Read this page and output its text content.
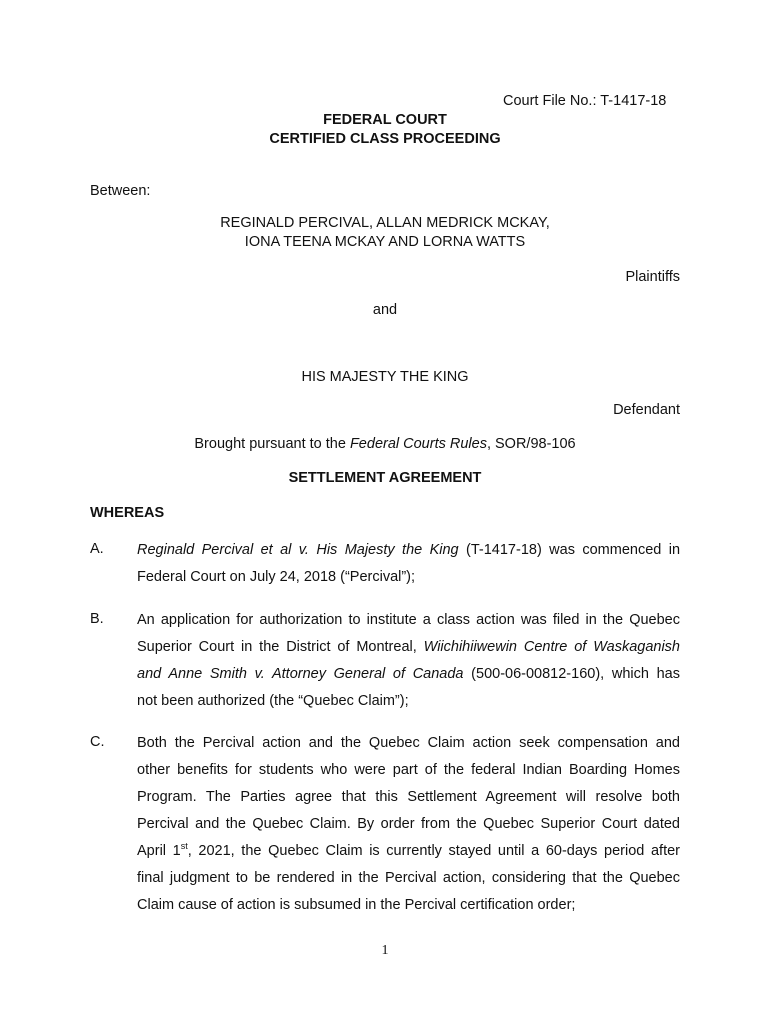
Court File No.: T-1417-18
FEDERAL COURT
CERTIFIED CLASS PROCEEDING
Between:
REGINALD PERCIVAL, ALLAN MEDRICK MCKAY,
IONA TEENA MCKAY AND LORNA WATTS
Plaintiffs
and
HIS MAJESTY THE KING
Defendant
Brought pursuant to the Federal Courts Rules, SOR/98-106
SETTLEMENT AGREEMENT
WHEREAS
A. Reginald Percival et al v. His Majesty the King (T-1417-18) was commenced in
Federal Court on July 24, 2018 (“Percival”);
B. An application for authorization to institute a class action was filed in the Quebec
Superior Court in the District of Montreal, Wiichihiiwewin Centre of Waskaganish
and Anne Smith v. Attorney General of Canada (500-06-00812-160), which has
not been authorized (the “Quebec Claim”);
C. Both the Percival action and the Quebec Claim action seek compensation and
other benefits for students who were part of the federal Indian Boarding Homes
Program. The Parties agree that this Settlement Agreement will resolve both
Percival and the Quebec Claim. By order from the Quebec Superior Court dated
April 1st, 2021, the Quebec Claim is currently stayed until a 60-days period after
final judgment to be rendered in the Percival action, considering that the Quebec
Claim cause of action is subsumed in the Percival certification order;
1
